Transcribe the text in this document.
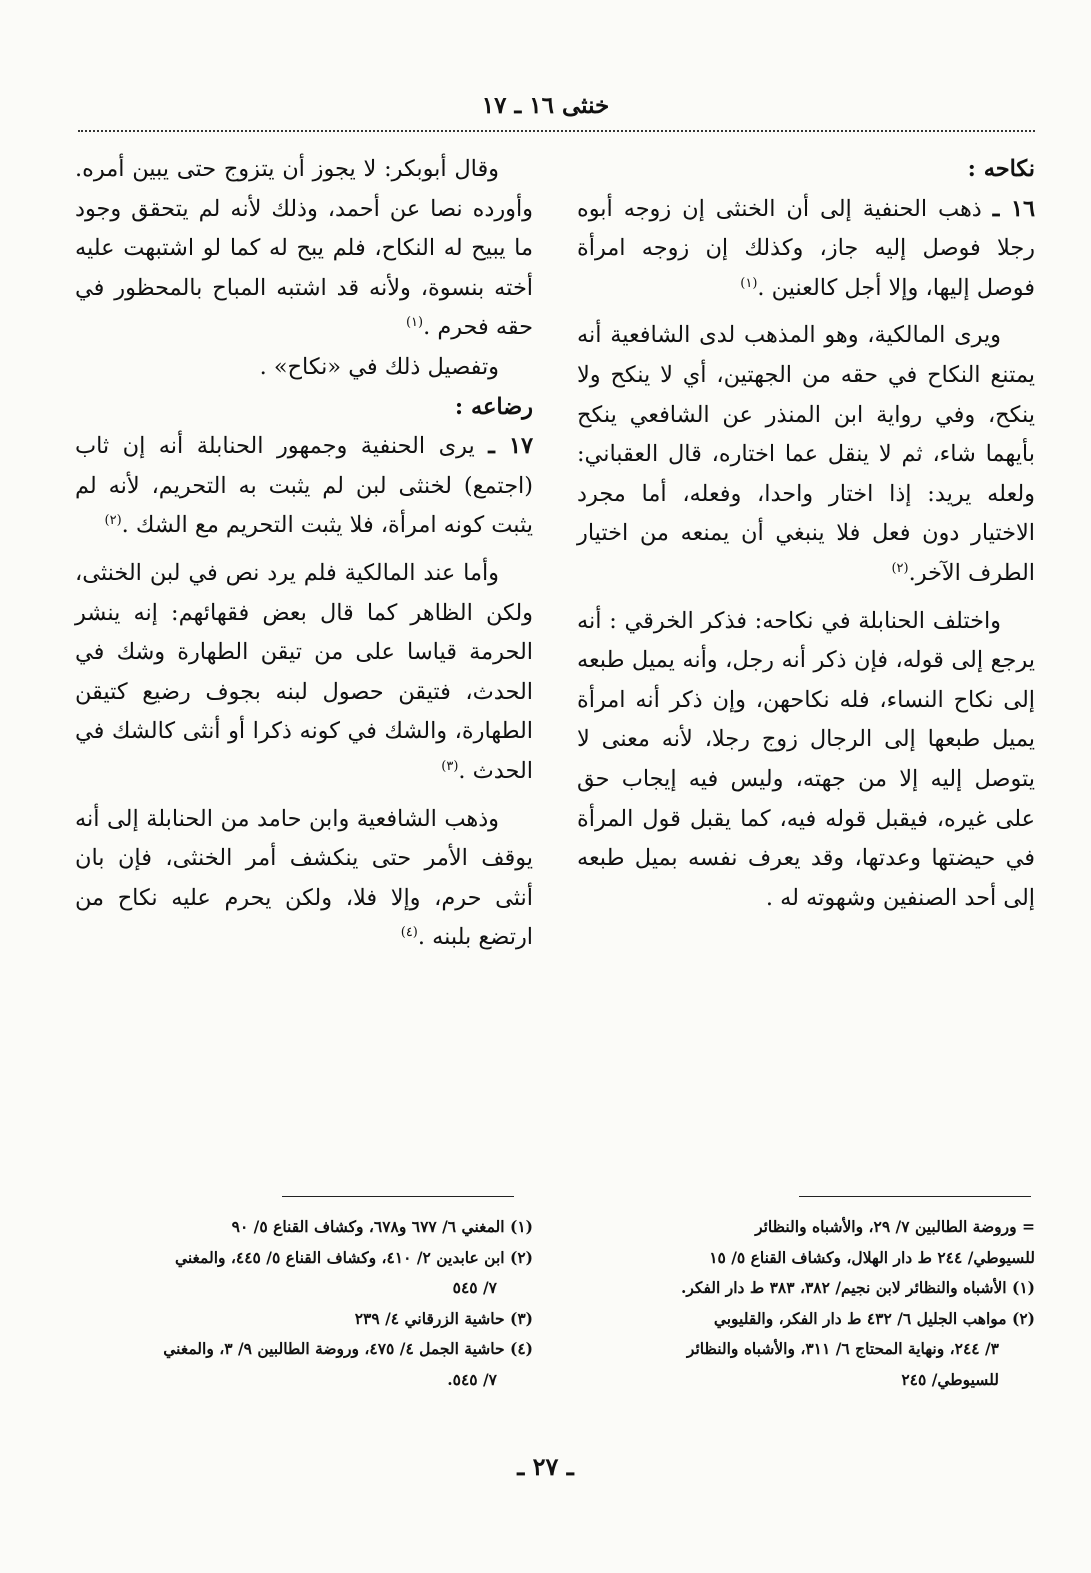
خنثى ١٦ ـ ١٧
نكاحه :

١٦ ـ ذهب الحنفية إلى أن الخنثى إن زوجه أبوه رجلا فوصل إليه جاز، وكذلك إن زوجه امرأة فوصل إليها، وإلا أجل كالعنين .$^{(١)}$

ويرى المالكية، وهو المذهب لدى الشافعية أنه يمتنع النكاح في حقه من الجهتين، أي لا ينكح ولا ينكح، وفي رواية ابن المنذر عن الشافعي ينكح بأيهما شاء، ثم لا ينقل عما اختاره، قال العقباني: ولعله يريد: إذا اختار واحدا، وفعله، أما مجرد الاختيار دون فعل فلا ينبغي أن يمنعه من اختيار الطرف الآخر.$^{(٢)}$

واختلف الحنابلة في نكاحه: فذكر الخرقي : أنه يرجع إلى قوله، فإن ذكر أنه رجل، وأنه يميل طبعه إلى نكاح النساء، فله نكاحهن، وإن ذكر أنه امرأة يميل طبعها إلى الرجال زوج رجلا، لأنه معنى لا يتوصل إليه إلا من جهته، وليس فيه إيجاب حق على غيره، فيقبل قوله فيه، كما يقبل قول المرأة في حيضتها وعدتها، وقد يعرف نفسه بميل طبعه إلى أحد الصنفين وشهوته له .

وقال أبوبكر: لا يجوز أن يتزوج حتى يبين أمره. وأورده نصا عن أحمد، وذلك لأنه لم يتحقق وجود ما يبيح له النكاح، فلم يبح له كما لو اشتبهت عليه أخته بنسوة، ولأنه قد اشتبه المباح بالمحظور في حقه فحرم .$^{(١)}$

وتفصيل ذلك في «نكاح» .

رضاعه :

١٧ ـ يرى الحنفية وجمهور الحنابلة أنه إن ثاب (اجتمع) لخنثى لبن لم يثبت به التحريم، لأنه لم يثبت كونه امرأة، فلا يثبت التحريم مع الشك .$^{(٢)}$

وأما عند المالكية فلم يرد نص في لبن الخنثى، ولكن الظاهر كما قال بعض فقهائهم: إنه ينشر الحرمة قياسا على من تيقن الطهارة وشك في الحدث، فتيقن حصول لبنه بجوف رضيع كتيقن الطهارة، والشك في كونه ذكرا أو أنثى كالشك في الحدث .$^{(٣)}$

وذهب الشافعية وابن حامد من الحنابلة إلى أنه يوقف الأمر حتى ينكشف أمر الخنثى، فإن بان أنثى حرم، وإلا فلا، ولكن يحرم عليه نكاح من ارتضع بلبنه .$^{(٤)}$

= وروضة الطالبين ٧/ ٢٩، والأشباه والنظائر

للسيوطي/ ٢٤٤ ط دار الهلال، وكشاف القناع ٥/ ١٥

(١) الأشباه والنظائر لابن نجيم/ ٣٨٢، ٣٨٣ ط دار الفكر.

(٢) مواهب الجليل ٦/ ٤٣٢ ط دار الفكر، والقليوبي

٣/ ٢٤٤، ونهاية المحتاج ٦/ ٣١١، والأشباه والنظائر

للسيوطي/ ٢٤٥

(١) المغني ٦/ ٦٧٧ و٦٧٨، وكشاف القناع ٥/ ٩٠

(٢) ابن عابدين ٢/ ٤١٠، وكشاف القناع ٥/ ٤٤٥، والمغني

٧/ ٥٤٥

(٣) حاشية الزرقاني ٤/ ٢٣٩

(٤) حاشية الجمل ٤/ ٤٧٥، وروضة الطالبين ٩/ ٣، والمغني

٧/ ٥٤٥.

ـ ٢٧ ـ
